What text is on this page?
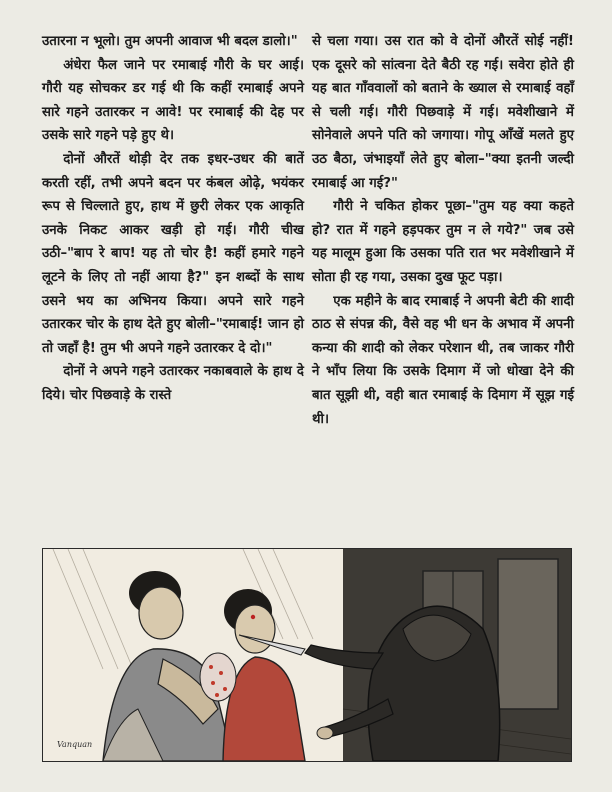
उतारना न भूलो। तुम अपनी आवाज भी बदल डालो।"

अंधेरा फैल जाने पर रमाबाई गौरी के घर आई। गौरी यह सोचकर डर गई थी कि कहीं रमाबाई अपने सारे गहने उतारकर न आवे! पर रमाबाई की देह पर उसके सारे गहने पड़े हुए थे।

दोनों औरतें थोड़ी देर तक इधर-उधर की बातें करती रहीं, तभी अपने बदन पर कंबल ओढ़े, भयंकर रूप से चिल्लाते हुए, हाथ में छुरी लेकर एक आकृति उनके निकट आकर खड़ी हो गई। गौरी चीख उठी–"बाप रे बाप! यह तो चोर है! कहीं हमारे गहने लूटने के लिए तो नहीं आया है?" इन शब्दों के साथ उसने भय का अभिनय किया। अपने सारे गहने उतारकर चोर के हाथ देते हुए बोली–"रमाबाई! जान हो तो जहाँ है! तुम भी अपने गहने उतारकर दे दो।"

दोनों ने अपने गहने उतारकर नकाबवाले के हाथ दे दिये। चोर पिछवाड़े के रास्ते

से चला गया। उस रात को वे दोनों औरतें सोई नहीं! एक दूसरे को सांत्वना देते बैठी रह गई। सवेरा होते ही यह बात गाँववालों को बताने के ख्याल से रमाबाई वहाँ से चली गई। गौरी पिछवाड़े में गई। मवेशीखाने में सोनेवाले अपने पति को जगाया। गोपू आँखें मलते हुए उठ बैठा, जंभाइयाँ लेते हुए बोला–"क्या इतनी जल्दी रमाबाई आ गई?"

गौरी ने चकित होकर पूछा–"तुम यह क्या कहते हो? रात में गहने हड़पकर तुम न ले गये?" जब उसे यह मालूम हुआ कि उसका पति रात भर मवेशीखाने में सोता ही रह गया, उसका दुख फूट पड़ा।

एक महीने के बाद रमाबाई ने अपनी बेटी की शादी ठाठ से संपन्न की, वैसे वह भी धन के अभाव में अपनी कन्या की शादी को लेकर परेशान थी, तब जाकर गौरी ने भाँप लिया कि उसके दिमाग में जो धोखा देने की बात सूझी थी, वही बात रमाबाई के दिमाग में सूझ गई थी।

Vanquan
